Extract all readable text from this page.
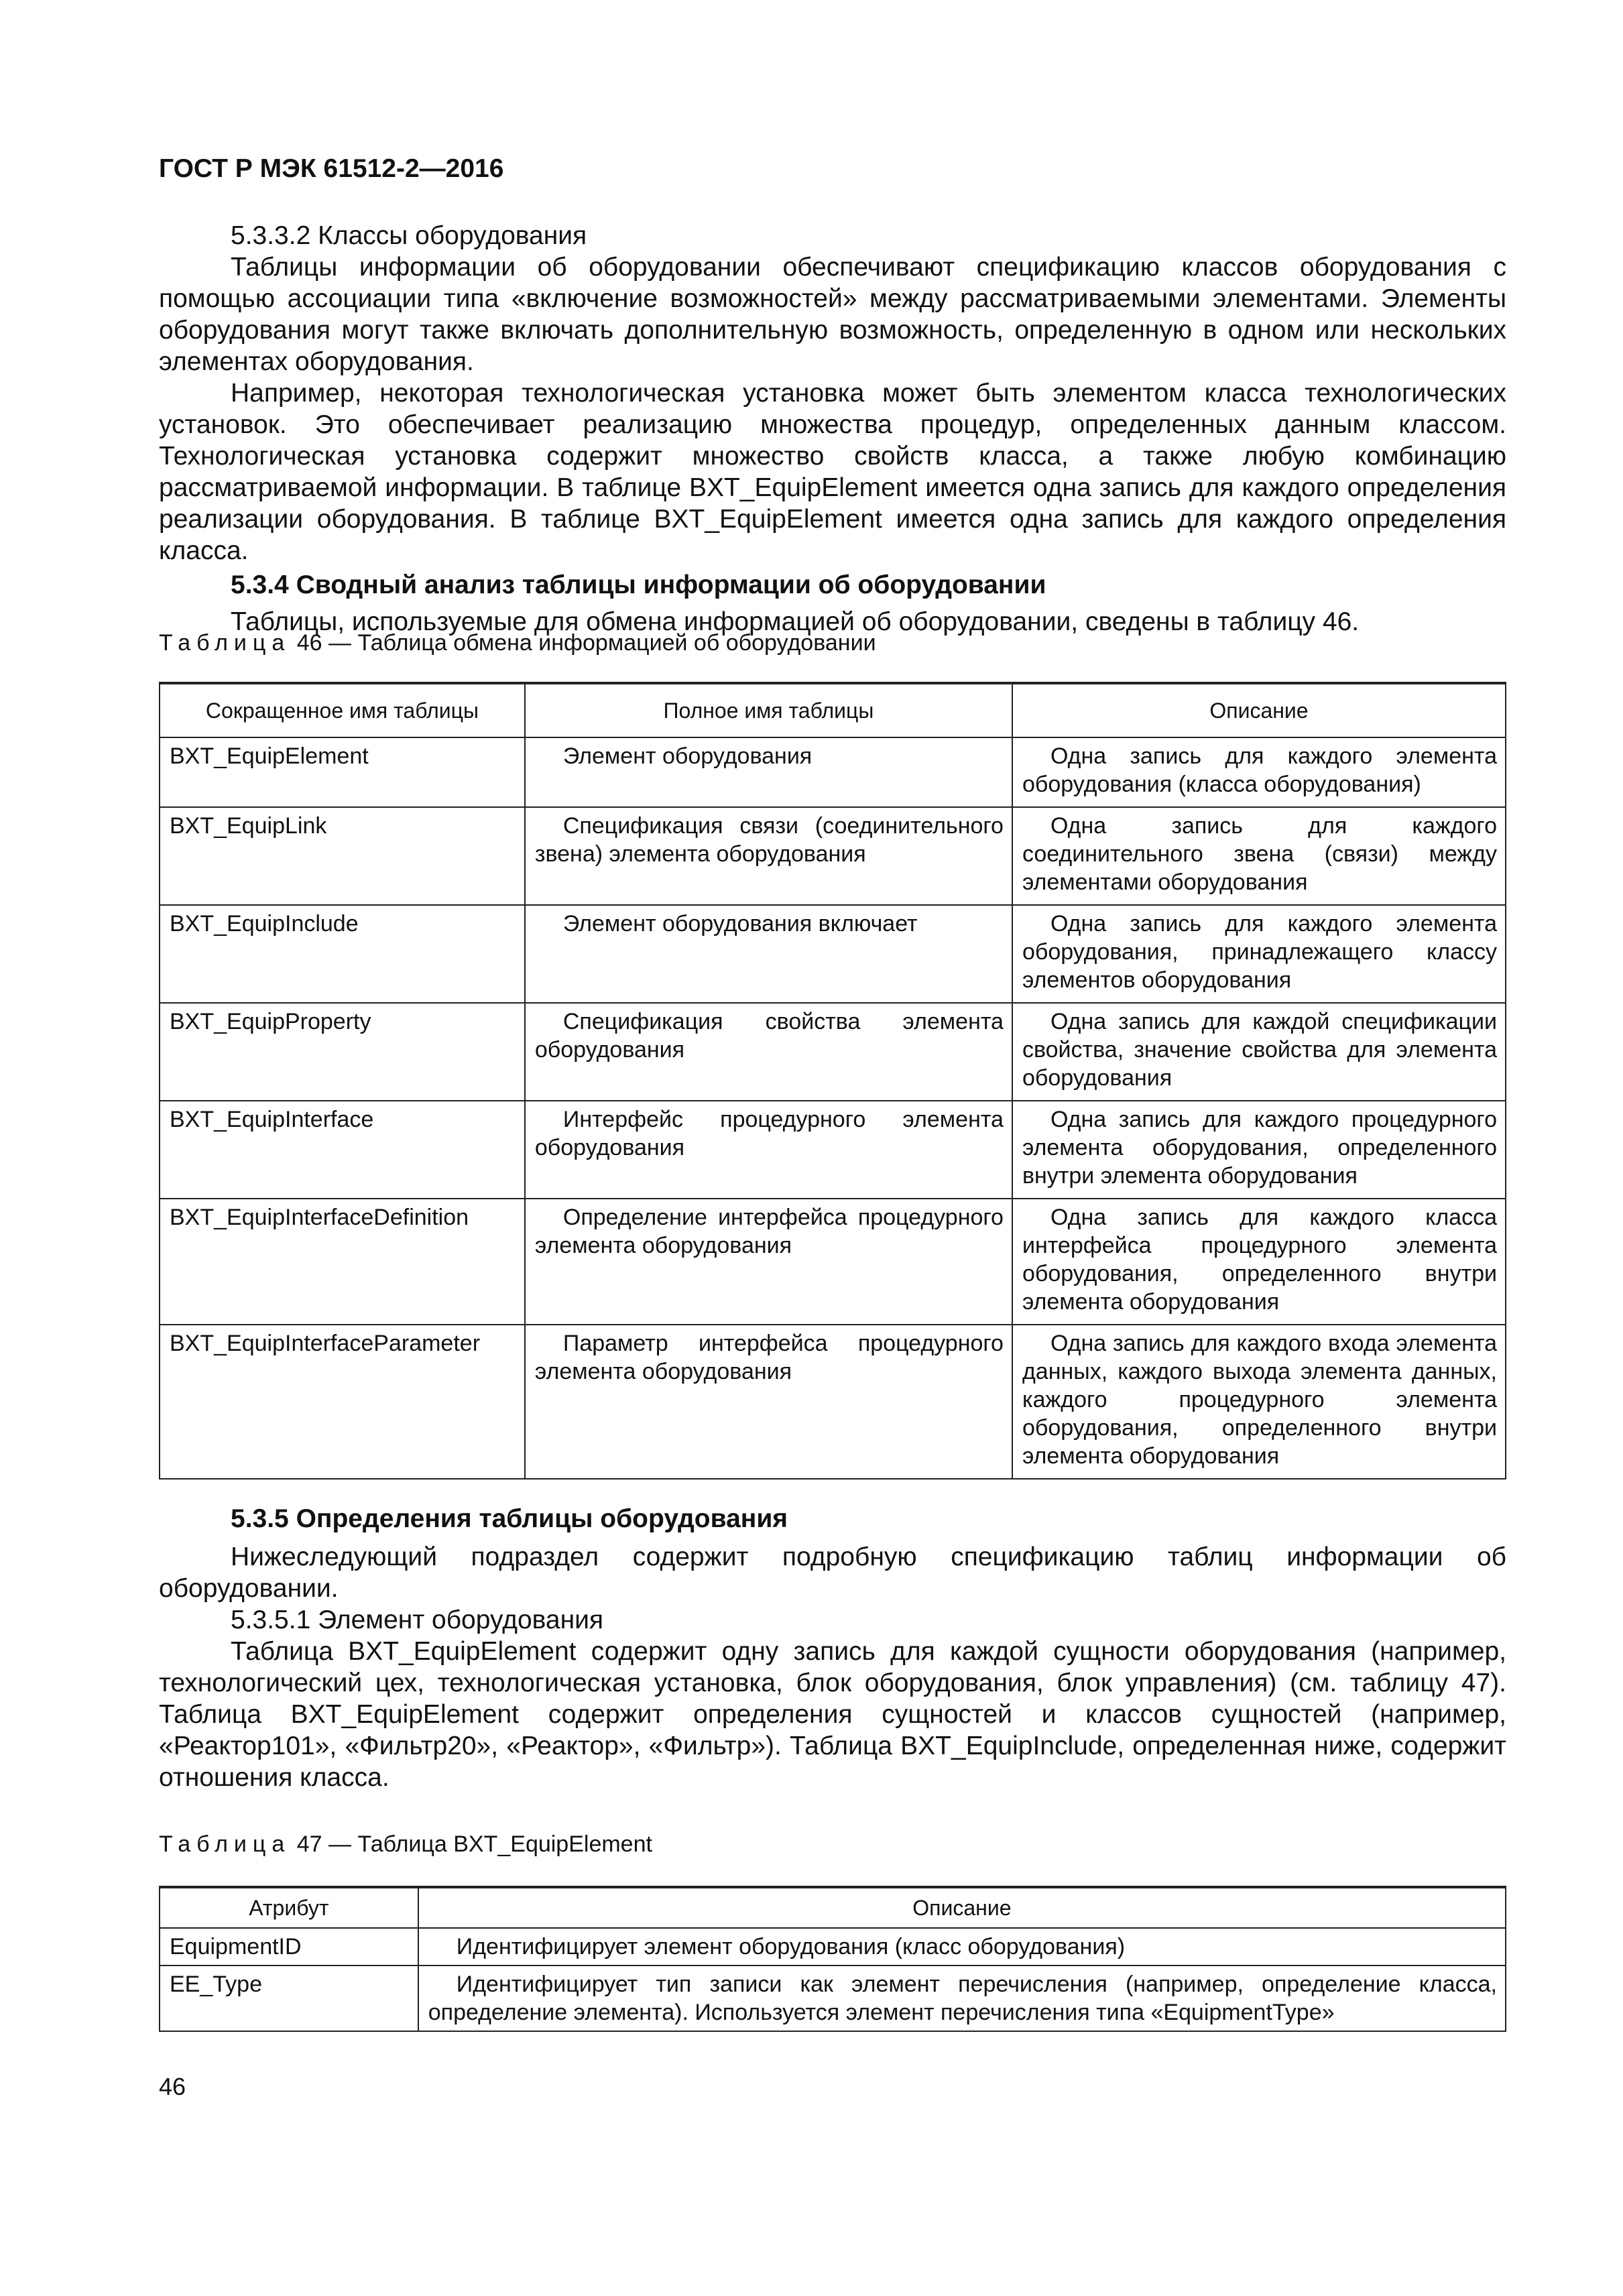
ГОСТ Р МЭК 61512-2—2016

5.3.3.2 Классы оборудования

Таблицы информации об оборудовании обеспечивают спецификацию классов оборудования с помощью ассоциации типа «включение возможностей» между рассматриваемыми элементами. Элементы оборудования могут также включать дополнительную возможность, определенную в одном или нескольких элементах оборудования.

Например, некоторая технологическая установка может быть элементом класса технологических установок. Это обеспечивает реализацию множества процедур, определенных данным классом. Технологическая установка содержит множество свойств класса, а также любую комбинацию рассматриваемой информации. В таблице BXT_EquipElement имеется одна запись для каждого определения реализации оборудования. В таблице BXT_EquipElement имеется одна запись для каждого определения класса.

5.3.4 Сводный анализ таблицы информации об оборудовании

Таблицы, используемые для обмена информацией об оборудовании, сведены в таблицу 46.

Таблица 46 — Таблица обмена информацией об оборудовании
Сокращенное имя таблицы	Полное имя таблицы	Описание
BXT_EquipElement	Элемент оборудования	Одна запись для каждого элемента оборудования (класса оборудования)
BXT_EquipLink	Спецификация связи (соединительного звена) элемента оборудования	Одна запись для каждого соединительного звена (связи) между элементами оборудования
BXT_EquipInclude	Элемент оборудования включает	Одна запись для каждого элемента оборудования, принадлежащего классу элементов оборудования
BXT_EquipProperty	Спецификация свойства элемента оборудования	Одна запись для каждой спецификации свойства, значение свойства для элемента оборудования
BXT_EquipInterface	Интерфейс процедурного элемента оборудования	Одна запись для каждого процедурного элемента оборудования, определенного внутри элемента оборудования
BXT_EquipInterfaceDefinition	Определение интерфейса процедурного элемента оборудования	Одна запись для каждого класса интерфейса процедурного элемента оборудования, определенного внутри элемента оборудования
BXT_EquipInterfaceParameter	Параметр интерфейса процедурного элемента оборудования	Одна запись для каждого входа элемента данных, каждого выхода элемента данных, каждого процедурного элемента оборудования, определенного внутри элемента оборудования

5.3.5 Определения таблицы оборудования

Нижеследующий подраздел содержит подробную спецификацию таблиц информации об оборудовании.

5.3.5.1 Элемент оборудования

Таблица BXT_EquipElement содержит одну запись для каждой сущности оборудования (например, технологический цех, технологическая установка, блок оборудования, блок управления) (см. таблицу 47). Таблица BXT_EquipElement содержит определения сущностей и классов сущностей (например, «Реактор101», «Фильтр20», «Реактор», «Фильтр»). Таблица BXT_EquipInclude, определенная ниже, содержит отношения класса.

Таблица 47 — Таблица BXT_EquipElement
Атрибут	Описание
EquipmentID	Идентифицирует элемент оборудования (класс оборудования)
EE_Type	Идентифицирует тип записи как элемент перечисления (например, определение класса, определение элемента). Используется элемент перечисления типа «EquipmentType»
46
